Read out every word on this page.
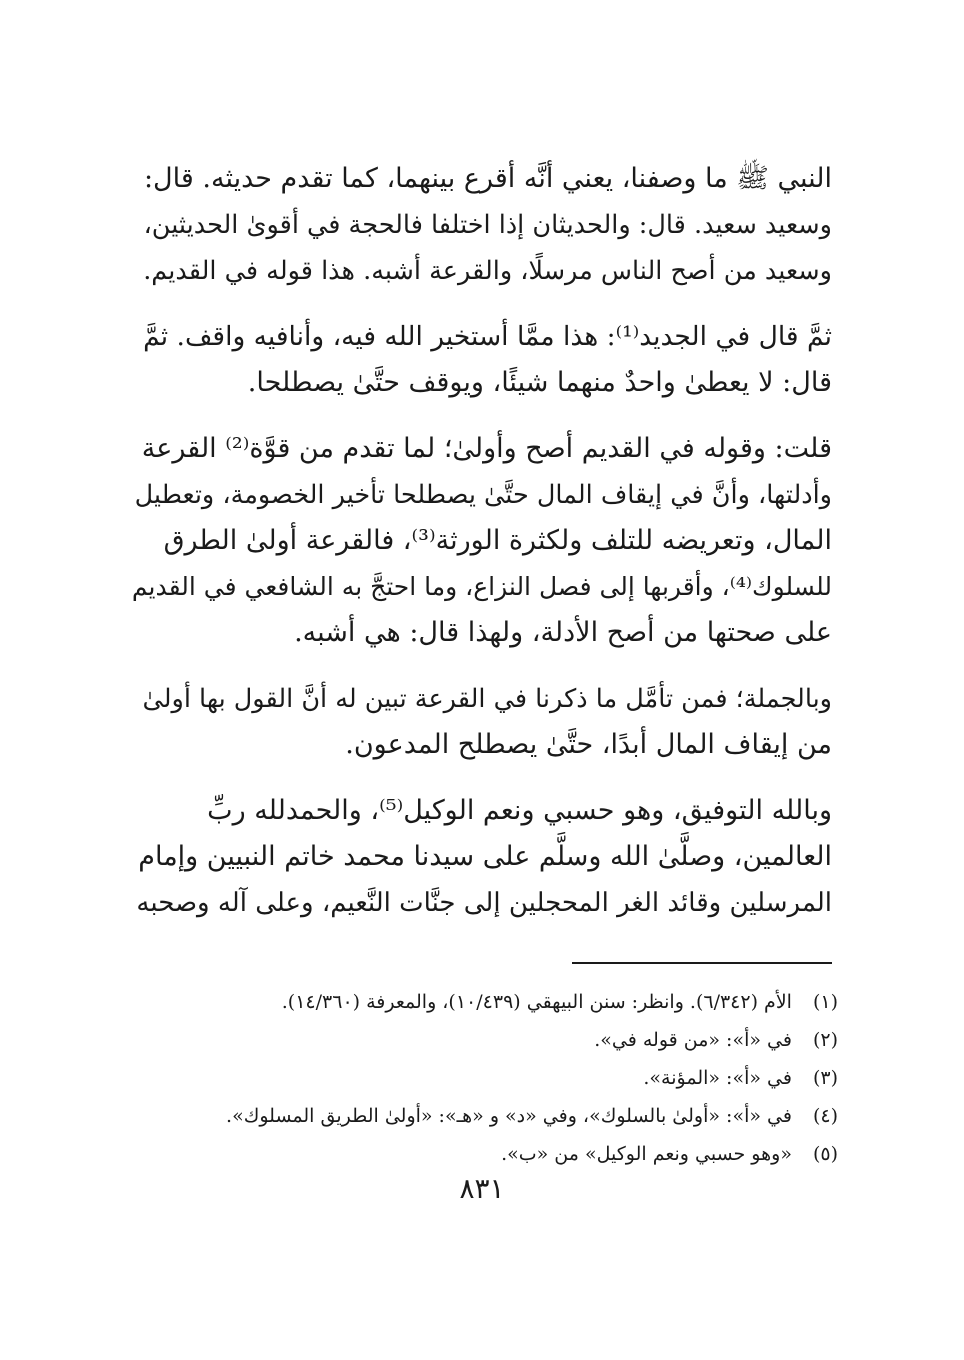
النبي ﷺ ما وصفنا، يعني أنَّه أقرع بينهما، كما تقدم حديثه. قال:
وسعيد سعيد. قال: والحديثان إذا اختلفا فالحجة في أقوىٰ الحديثين،
وسعيد من أصح الناس مرسلًا، والقرعة أشبه. هذا قوله في القديم.
ثمَّ قال في الجديد⁽¹⁾: هذا ممَّا أستخير الله فيه، وأنافيه واقف. ثمَّ
قال: لا يعطىٰ واحدٌ منهما شيئًا، ويوقف حتَّىٰ يصطلحا.
قلت: وقوله في القديم أصح وأولىٰ؛ لما تقدم من قوَّة⁽²⁾ القرعة
وأدلتها، وأنَّ في إيقاف المال حتَّىٰ يصطلحا تأخير الخصومة، وتعطيل
المال، وتعريضه للتلف ولكثرة الورثة⁽³⁾، فالقرعة أولىٰ الطرق
للسلوك⁽⁴⁾، وأقربها إلى فصل النزاع، وما احتجَّ به الشافعي في القديم
على صحتها من أصح الأدلة، ولهذا قال: هي أشبه.
وبالجملة؛ فمن تأمَّل ما ذكرنا في القرعة تبين له أنَّ القول بها أولىٰ
من إيقاف المال أبدًا، حتَّىٰ يصطلح المدعون.
وبالله التوفيق، وهو حسبي ونعم الوكيل⁽⁵⁾، والحمدلله ربِّ
العالمين، وصلَّىٰ الله وسلَّم على سيدنا محمد خاتم النبيين وإمام
المرسلين وقائد الغر المحجلين إلى جنَّات النَّعيم، وعلى آله وصحبه
(١) الأم (٦/٣٤٢). وانظر: سنن البيهقي (١٠/٤٣٩)، والمعرفة (١٤/٣٦٠).
(٢) في «أ»: «من قوله في».
(٣) في «أ»: «المؤنة».
(٤) في «أ»: «أولىٰ بالسلوك»، وفي «د» و «هـ»: «أولىٰ الطريق المسلوك».
(٥) «وهو حسبي ونعم الوكيل» من «ب».
٨٣١
